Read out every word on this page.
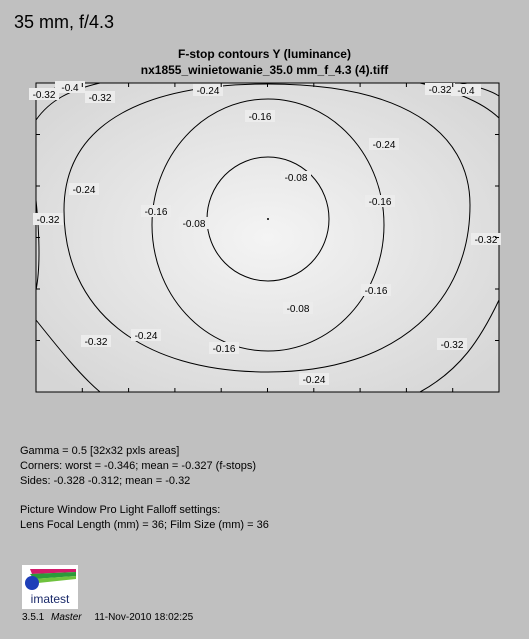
35 mm, f/4.3
F-stop contours Y (luminance)
nx1855_winietowanie_35.0 mm_f_4.3 (4).tiff
-0.08
-0.08
-0.08
-0.16
-0.16
-0.16
-0.16
-0.16
-0.24
-0.24
-0.24
-0.24
-0.24
-0.32	-0.32
-0.32
-0.32
-0.32	-0.32
-0.32
-0.4	-0.4
Gamma = 0.5 [32x32 pxls areas]
Corners: worst = -0.346; mean = -0.327 (f-stops)
Sides: -0.328 -0.312; mean = -0.32
Picture Window Pro Light Falloff settings:
Lens Focal Length (mm) = 36; Film Size (mm) = 36
imatest
3.5.1 Master 11-Nov-2010 18:02:25
